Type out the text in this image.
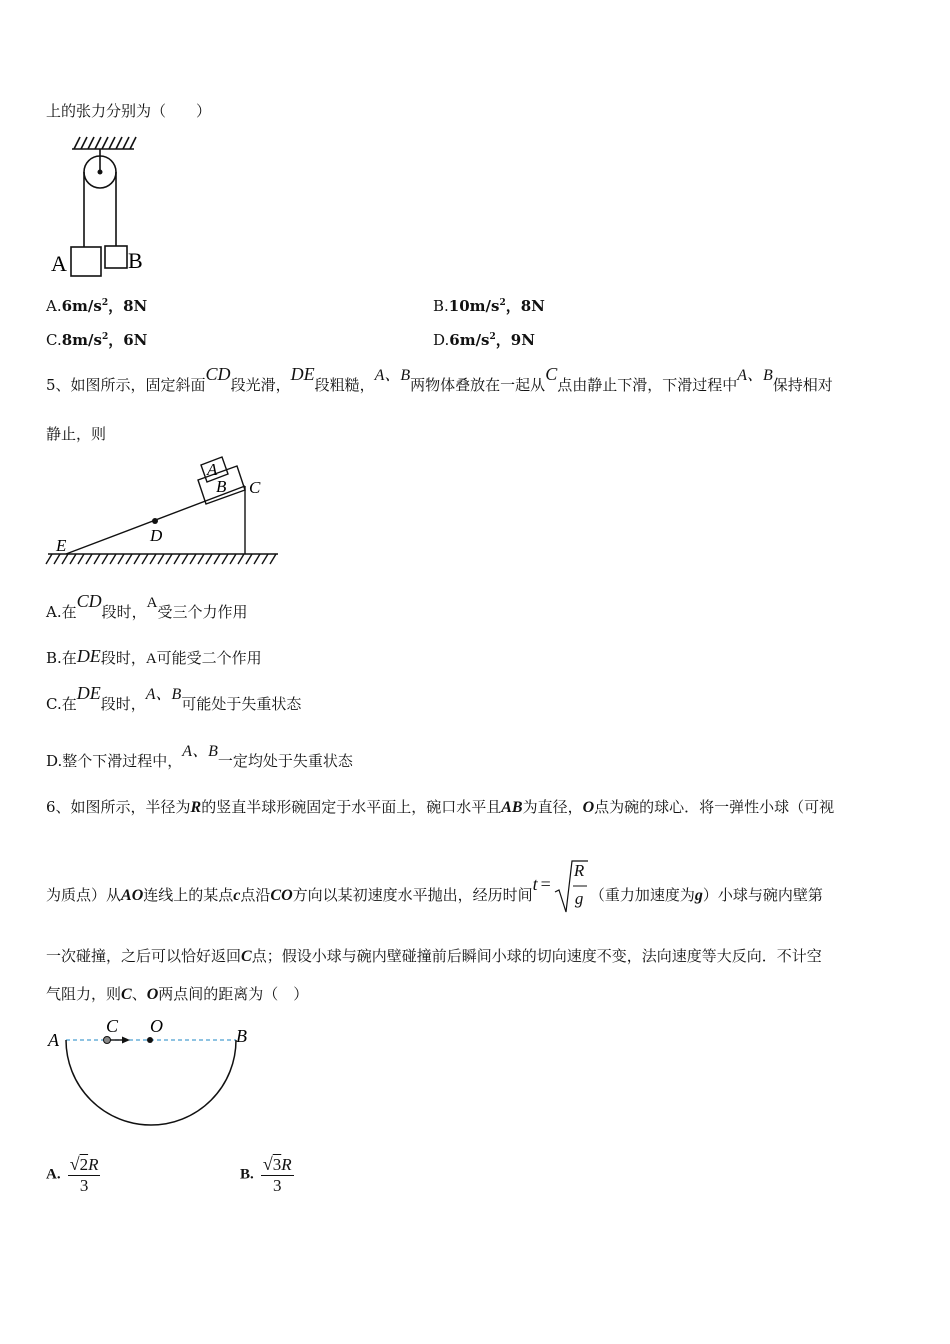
上的张力分别为（　　）
A	B
$A.6m/s^2$，8N	$B.10m/s^2$，8N
$C.8m/s^2$，6N	$D.6m/s^2$，9N
5、如图所示，固定斜面CD段光滑，DE段粗糙，A、B两物体叠放在一起从C点由静止下滑，下滑过程中A、B保持相对
静止，则
A
B C
D
E
A.在CD段时，A受三个力作用
B.在DE段时，A可能受二个作用
C.在DE段时，A、B可能处于失重状态
D.整个下滑过程中，A、B一定均处于失重状态
6、如图所示，半径为R的竖直半球形碗固定于水平面上，碗口水平且AB为直径，O点为碗的球心．将一弹性小球（可视
为质点）从AO连线上的某点c点沿CO方向以某初速度水平抛出，经历时间t =
R
g （重力加速度为g）小球与碗内壁第
一次碰撞，之后可以恰好返回C点；假设小球与碗内壁碰撞前后瞬间小球的切向速度不变，法向速度等大反向．不计空
气阻力，则C、O两点间的距离为（　）
A
C O	B
A. $\frac{√2R}{3}$	B. $\frac{√3R}{3}$
